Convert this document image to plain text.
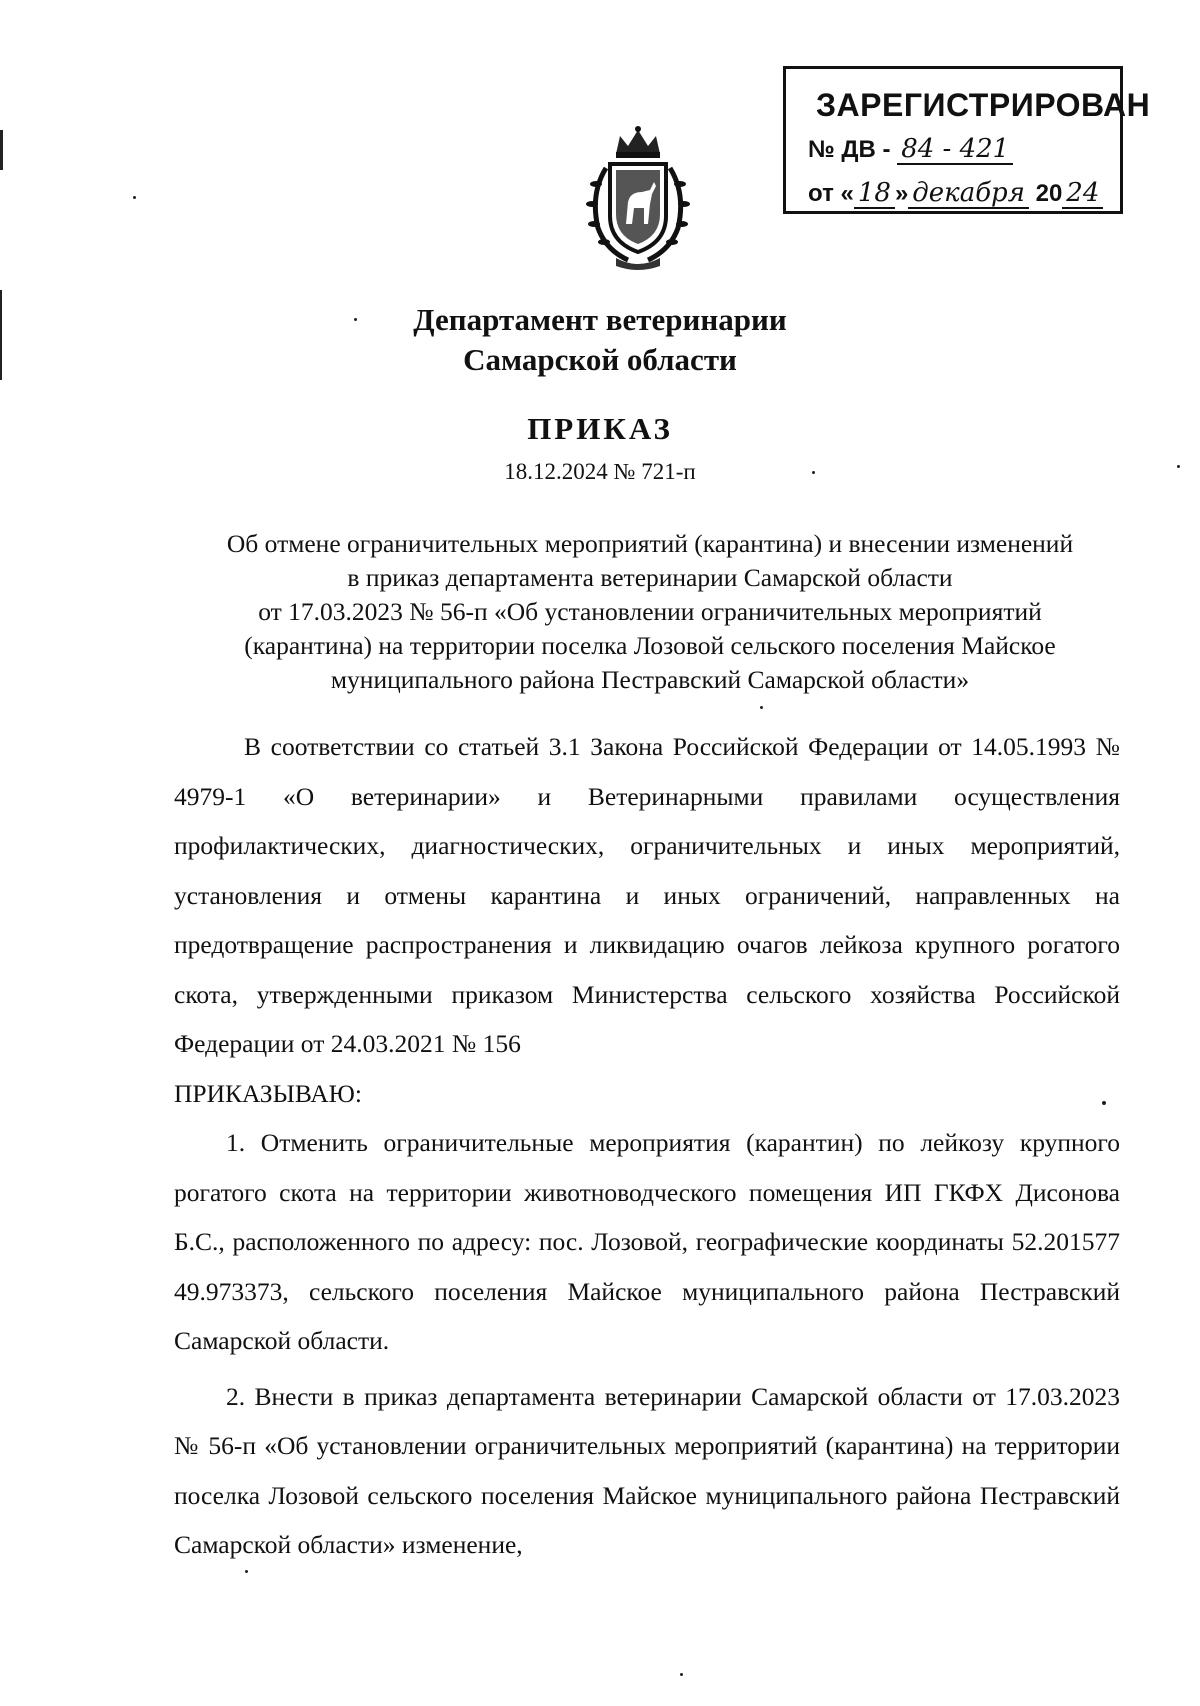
ЗАРЕГИСТРИРОВАН
№ ДВ - 84 - 421
от « 18 » декабря 20 24
Департамент ветеринарии
Самарской области
ПРИКАЗ
18.12.2024 № 721-п
Об отмене ограничительных мероприятий (карантина) и внесении изменений
в приказ департамента ветеринарии Самарской области
от 17.03.2023 № 56-п «Об установлении ограничительных мероприятий
(карантина) на территории поселка Лозовой сельского поселения Майское
муниципального района Пестравский Самарской области»

В соответствии со статьей 3.1 Закона Российской Федерации от 14.05.1993 № 4979-1 «О ветеринарии» и Ветеринарными правилами осуществления профилактических, диагностических, ограничительных и иных мероприятий, установления и отмены карантина и иных ограничений, направленных на предотвращение распространения и ликвидацию очагов лейкоза крупного рогатого скота, утвержденными приказом Министерства сельского хозяйства Российской Федерации от 24.03.2021 № 156

ПРИКАЗЫВАЮ:

1. Отменить ограничительные мероприятия (карантин) по лейкозу крупного рогатого скота на территории животноводческого помещения ИП ГКФХ Дисонова Б.С., расположенного по адресу: пос. Лозовой, географические координаты 52.201577 49.973373, сельского поселения Майское муниципального района Пестравский Самарской области.

2. Внести в приказ департамента ветеринарии Самарской области от 17.03.2023 № 56-п «Об установлении ограничительных мероприятий (карантина) на территории поселка Лозовой сельского поселения Майское муниципального района Пестравский Самарской области» изменение,
